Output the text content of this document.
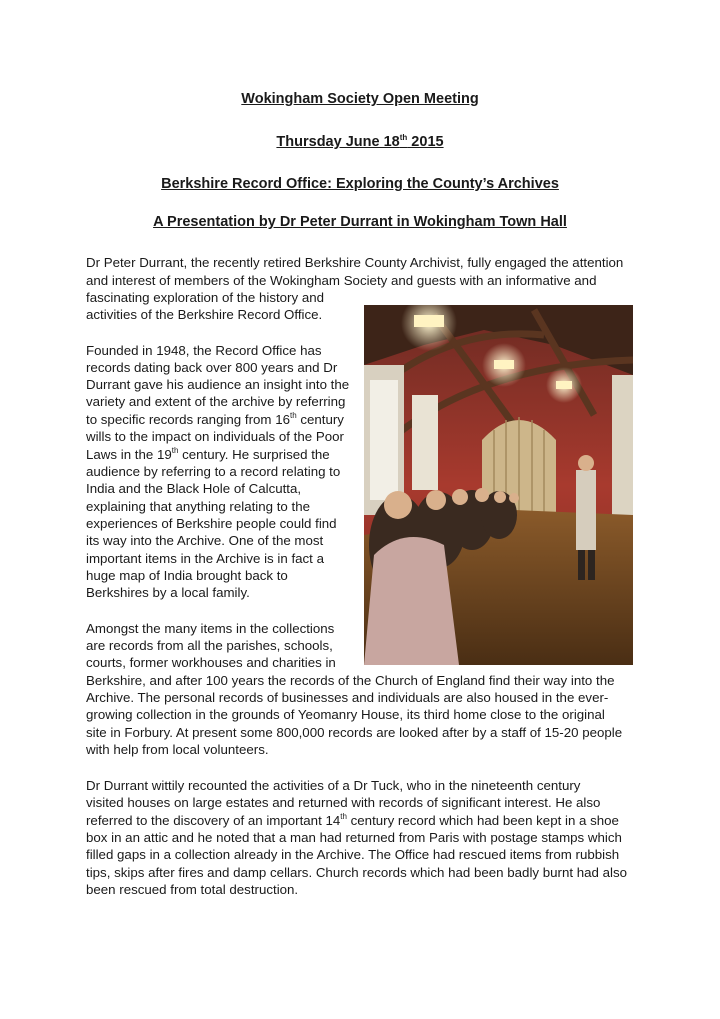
Wokingham Society Open Meeting
Thursday June 18th 2015
Berkshire Record Office: Exploring the County’s Archives
A Presentation by Dr Peter Durrant in Wokingham Town Hall
Dr Peter Durrant, the recently retired Berkshire County Archivist, fully engaged the attention
and interest of members of the Wokingham Society and guests with an informative and
fascinating exploration of the history and
activities of the Berkshire Record Office.
Founded in 1948, the Record Office has
records dating back over 800 years and Dr
Durrant gave his audience an insight into the
variety and extent of the archive by referring
to specific records ranging from 16th century
wills to the impact on individuals of the Poor
Laws in the 19th century. He surprised the
audience by referring to a record relating to
India and the Black Hole of Calcutta,
explaining that anything relating to the
experiences of Berkshire people could find
its way into the Archive. One of the most
important items in the Archive is in fact a
huge map of India brought back to
Berkshires by a local family.
Amongst the many items in the collections
are records from all the parishes, schools,
courts, former workhouses and charities in
Berkshire, and after 100 years the records of the Church of England find their way into the
Archive. The personal records of businesses and individuals are also housed in the ever-
growing collection in the grounds of Yeomanry House, its third home close to the original
site in Forbury. At present some 800,000 records are looked after by a staff of 15-20 people
with help from local volunteers.
Dr Durrant wittily recounted the activities of a Dr Tuck, who in the nineteenth century
visited houses on large estates and returned with records of significant interest. He also
referred to the discovery of an important 14th century record which had been kept in a shoe
box in an attic and he noted that a man had returned from Paris with postage stamps which
filled gaps in a collection already in the Archive. The Office had rescued items from rubbish
tips, skips after fires and damp cellars. Church records which had been badly burnt had also
been rescued from total destruction.
